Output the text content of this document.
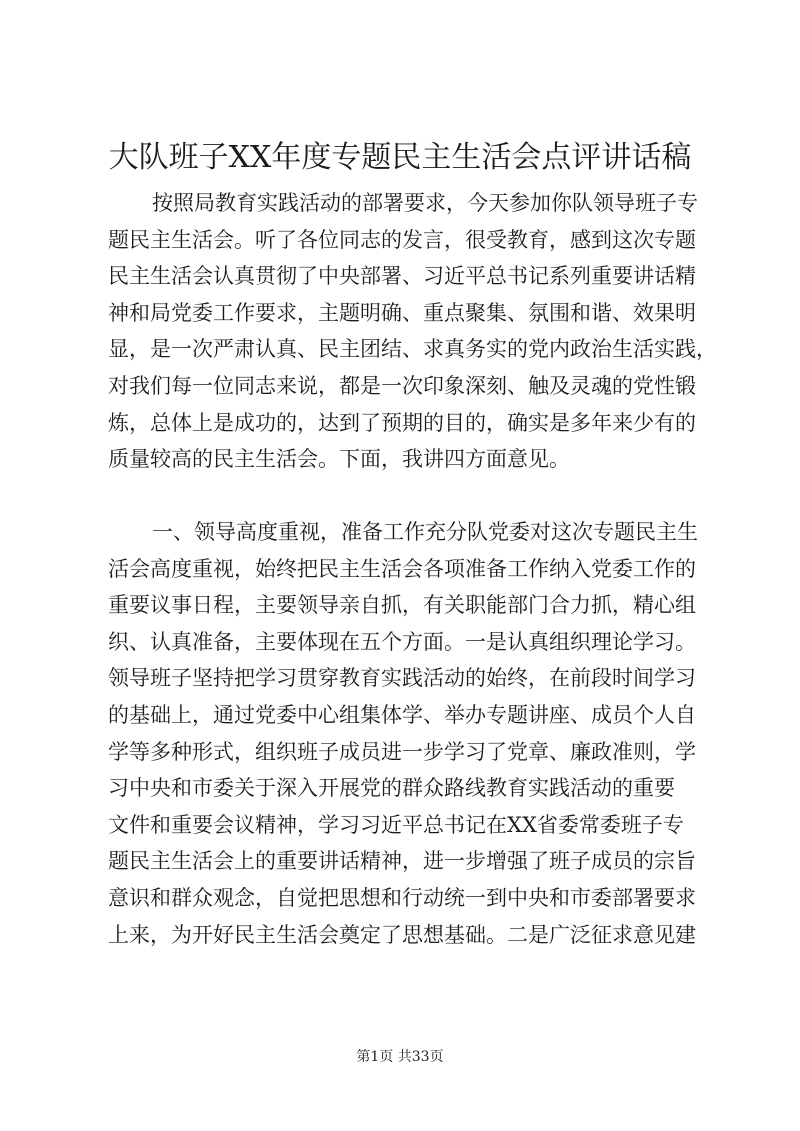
大队班子XX年度专题民主生活会点评讲话稿
按照局教育实践活动的部署要求，今天参加你队领导班子专
题民主生活会。听了各位同志的发言，很受教育，感到这次专题
民主生活会认真贯彻了中央部署、习近平总书记系列重要讲话精
神和局党委工作要求，主题明确、重点聚集、氛围和谐、效果明
显，是一次严肃认真、民主团结、求真务实的党内政治生活实践，
对我们每一位同志来说，都是一次印象深刻、触及灵魂的党性锻
炼，总体上是成功的，达到了预期的目的，确实是多年来少有的
质量较高的民主生活会。下面，我讲四方面意见。
一、领导高度重视，准备工作充分队党委对这次专题民主生
活会高度重视，始终把民主生活会各项准备工作纳入党委工作的
重要议事日程，主要领导亲自抓，有关职能部门合力抓，精心组
织、认真准备，主要体现在五个方面。一是认真组织理论学习。
领导班子坚持把学习贯穿教育实践活动的始终，在前段时间学习
的基础上，通过党委中心组集体学、举办专题讲座、成员个人自
学等多种形式，组织班子成员进一步学习了党章、廉政准则，学
习中央和市委关于深入开展党的群众路线教育实践活动的重要
文件和重要会议精神，学习习近平总书记在XX省委常委班子专
题民主生活会上的重要讲话精神，进一步增强了班子成员的宗旨
意识和群众观念，自觉把思想和行动统一到中央和市委部署要求
上来，为开好民主生活会奠定了思想基础。二是广泛征求意见建
第1页 共33页
